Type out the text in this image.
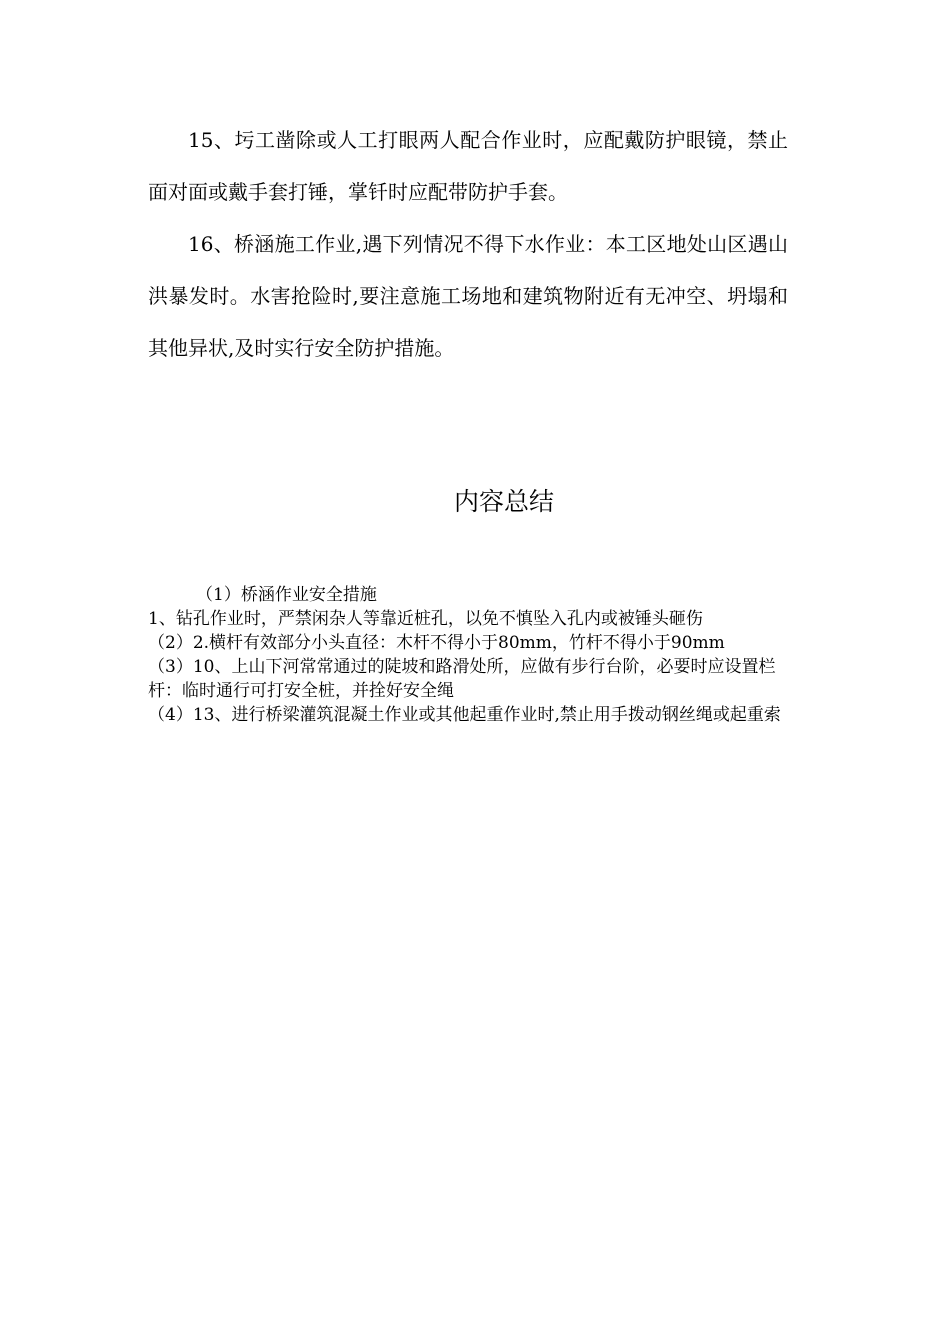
15、圬工凿除或人工打眼两人配合作业时，应配戴防护眼镜，禁止面对面或戴手套打锤，掌钎时应配带防护手套。

16、桥涵施工作业,遇下列情况不得下水作业：本工区地处山区遇山洪暴发时。水害抢险时,要注意施工场地和建筑物附近有无冲空、坍塌和其他异状,及时实行安全防护措施。

内容总结
（1）桥涵作业安全措施

1、钻孔作业时，严禁闲杂人等靠近桩孔，以免不慎坠入孔内或被锤头砸伤

（2）2.横杆有效部分小头直径：木杆不得小于80mm，竹杆不得小于90mm

（3）10、上山下河常常通过的陡坡和路滑处所，应做有步行台阶，必要时应设置栏杆：临时通行可打安全桩，并拴好安全绳

（4）13、进行桥梁灌筑混凝土作业或其他起重作业时,禁止用手拨动钢丝绳或起重索
